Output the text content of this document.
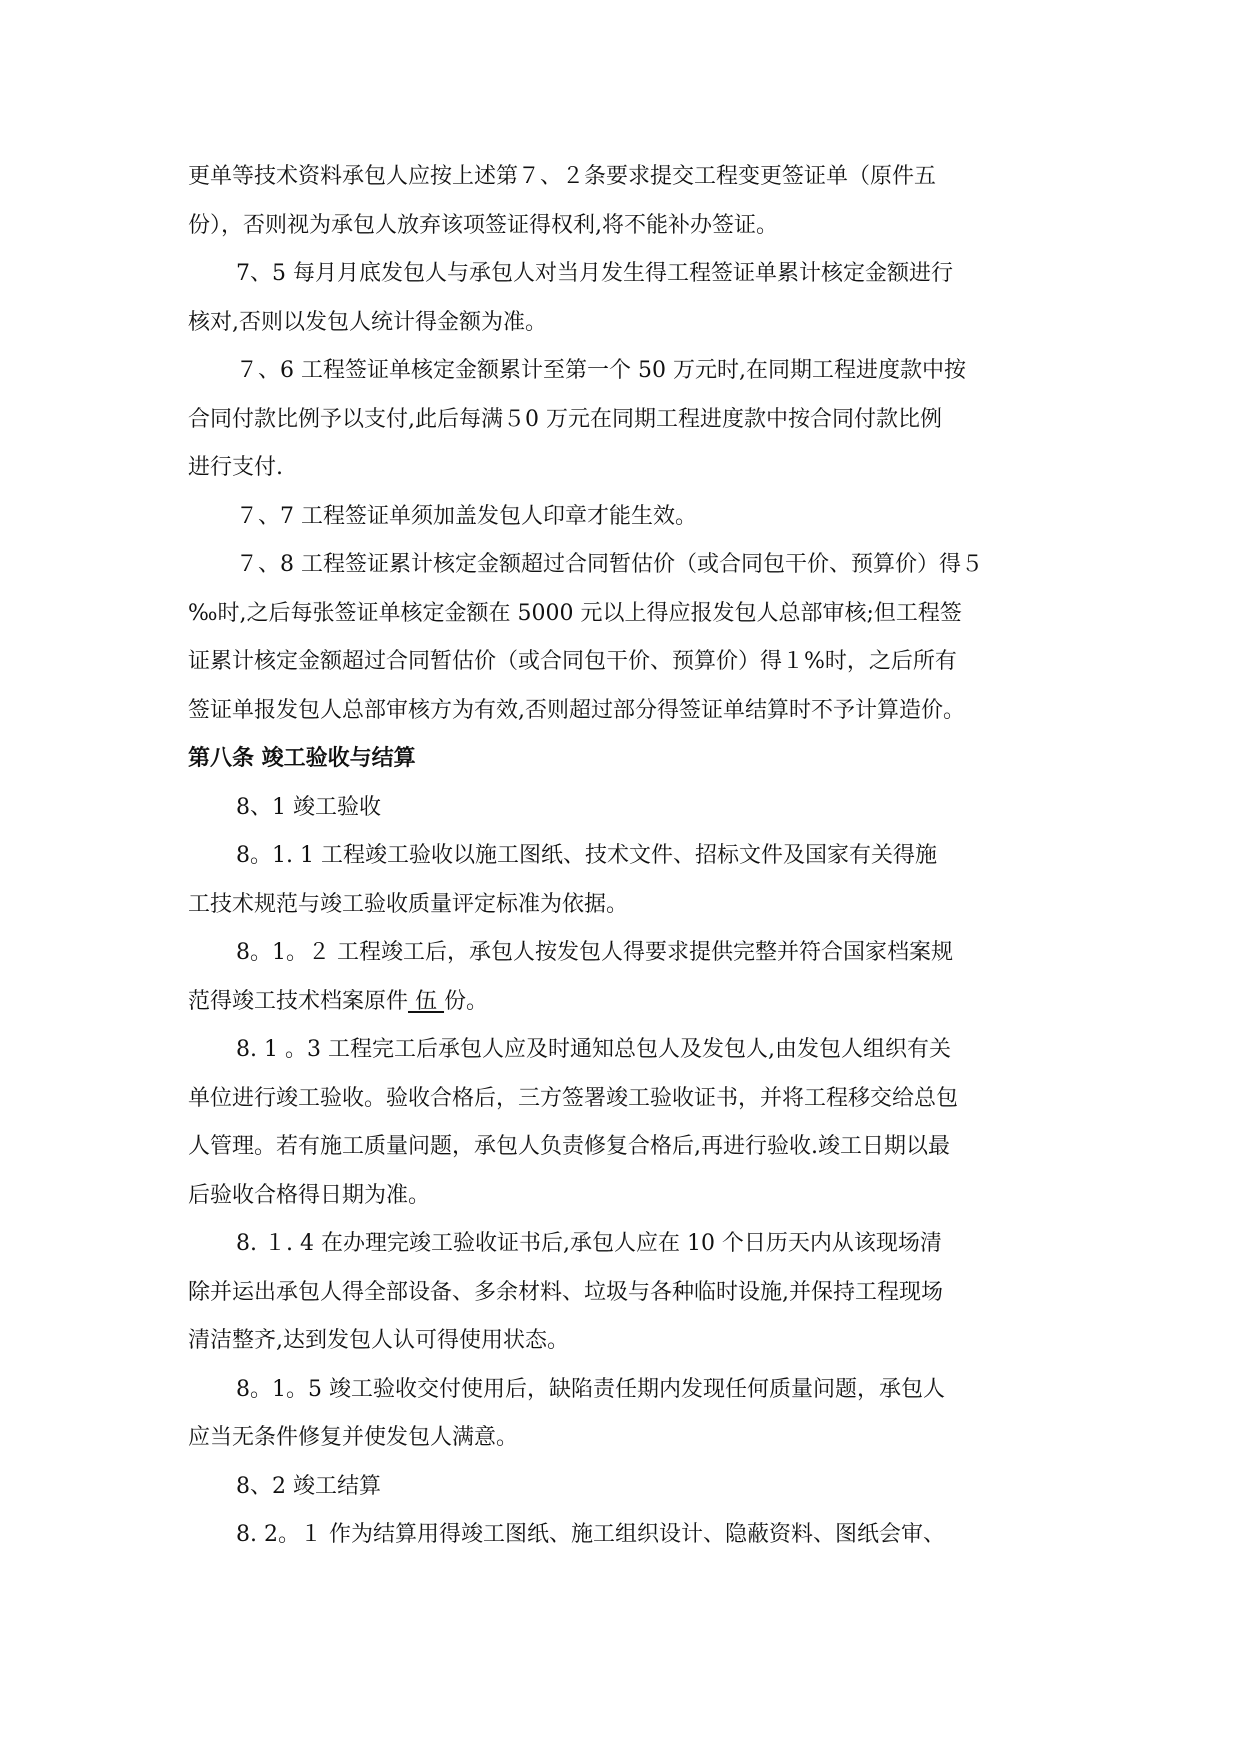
更单等技术资料承包人应按上述第７、２条要求提交工程变更签证单（原件五
份），否则视为承包人放弃该项签证得权利,将不能补办签证。
7、5 每月月底发包人与承包人对当月发生得工程签证单累计核定金额进行
核对,否则以发包人统计得金额为准。
７、6 工程签证单核定金额累计至第一个 50 万元时,在同期工程进度款中按
合同付款比例予以支付,此后每满５0 万元在同期工程进度款中按合同付款比例
进行支付.
７、7 工程签证单须加盖发包人印章才能生效。
７、8 工程签证累计核定金额超过合同暂估价（或合同包干价、预算价）得５
‰时,之后每张签证单核定金额在 5000 元以上得应报发包人总部审核;但工程签
证累计核定金额超过合同暂估价（或合同包干价、预算价）得１%时，之后所有
签证单报发包人总部审核方为有效,否则超过部分得签证单结算时不予计算造价。
第八条 竣工验收与结算
8、1 竣工验收
8。1. 1 工程竣工验收以施工图纸、技术文件、招标文件及国家有关得施
工技术规范与竣工验收质量评定标准为依据。
8。1。２ 工程竣工后，承包人按发包人得要求提供完整并符合国家档案规
范得竣工技术档案原件 伍 份。
8. 1 。3 工程完工后承包人应及时通知总包人及发包人,由发包人组织有关
单位进行竣工验收。验收合格后，三方签署竣工验收证书，并将工程移交给总包
人管理。若有施工质量问题，承包人负责修复合格后,再进行验收.竣工日期以最
后验收合格得日期为准。
8. １. 4 在办理完竣工验收证书后,承包人应在 10 个日历天内从该现场清
除并运出承包人得全部设备、多余材料、垃圾与各种临时设施,并保持工程现场
清洁整齐,达到发包人认可得使用状态。
8。1。5 竣工验收交付使用后，缺陷责任期内发现任何质量问题，承包人
应当无条件修复并使发包人满意。
8、2 竣工结算
8. 2。１ 作为结算用得竣工图纸、施工组织设计、隐蔽资料、图纸会审、
